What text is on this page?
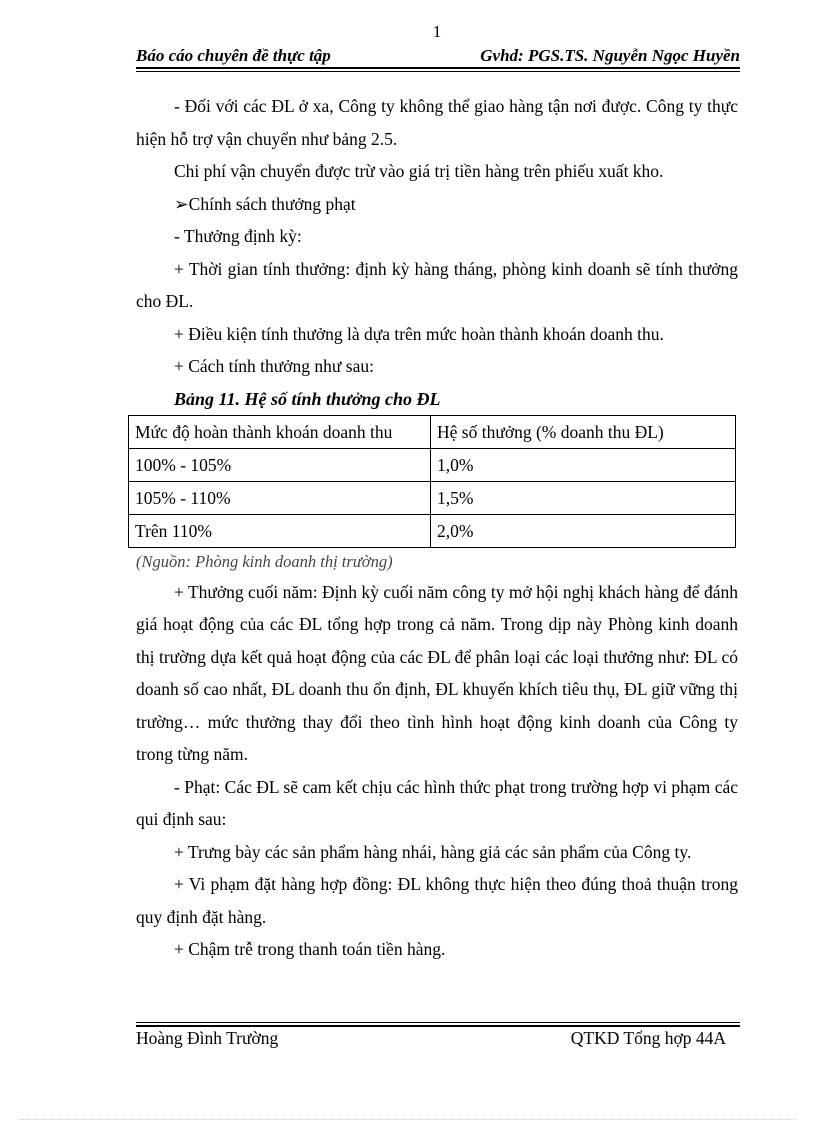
1
Báo cáo chuyên đề thực tập	Gvhd: PGS.TS. Nguyễn Ngọc Huyền

- Đối với các ĐL ở xa, Công ty không thể giao hàng tận nơi được. Công ty thực hiện hỗ trợ vận chuyển như bảng 2.5.

Chi phí vận chuyển được trừ vào giá trị tiền hàng trên phiếu xuất kho.

➢Chính sách thưởng phạt

- Thưởng định kỳ:

+ Thời gian tính thưởng: định kỳ hàng tháng, phòng kinh doanh sẽ tính thưởng cho ĐL.

+ Điều kiện tính thưởng là dựa trên mức hoàn thành khoán doanh thu.

+ Cách tính thưởng như sau:

Bảng 11. Hệ số tính thưởng cho ĐL

Mức độ hoàn thành khoán doanh thu	Hệ số thưởng (% doanh thu ĐL)
100% - 105%	1,0%
105% - 110%	1,5%
Trên 110%	2,0%

(Nguồn: Phòng kinh doanh thị trường)

+ Thưởng cuối năm: Định kỳ cuối năm công ty mở hội nghị khách hàng để đánh giá hoạt động của các ĐL tổng hợp trong cả năm. Trong dịp này Phòng kinh doanh thị trường dựa kết quả hoạt động của các ĐL để phân loại các loại thưởng như: ĐL có doanh số cao nhất, ĐL doanh thu ổn định, ĐL khuyến khích tiêu thụ, ĐL giữ vững thị trường… mức thưởng thay đổi theo tình hình hoạt động kinh doanh của Công ty trong từng năm.

- Phạt: Các ĐL sẽ cam kết chịu các hình thức phạt trong trường hợp vi phạm các qui định sau:

+ Trưng bày các sản phẩm hàng nhái, hàng giả các sản phẩm của Công ty.

+ Vi phạm đặt hàng hợp đồng: ĐL không thực hiện theo đúng thoả thuận trong quy định đặt hàng.

+ Chậm trễ trong thanh toán tiền hàng.

Hoàng Đình Trường	QTKD Tổng hợp 44A
